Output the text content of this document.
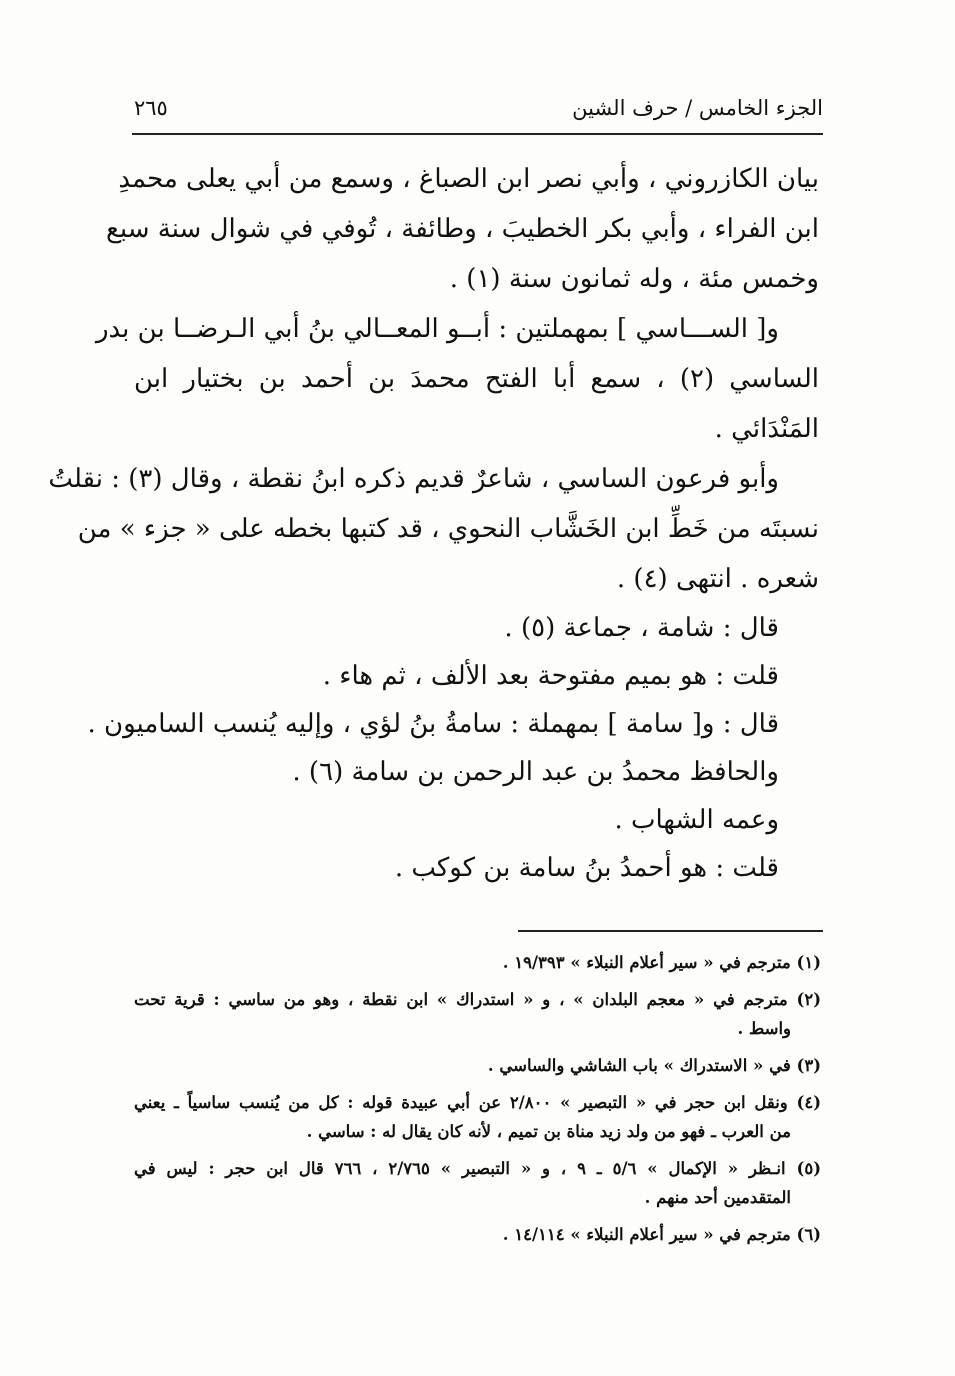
الجزء الخامس / حرف الشين
٢٦٥
بيان الكازروني ، وأبي نصر ابن الصباغ ، وسمع من أبي يعلى محمدِ
ابن الفراء ، وأبي بكر الخطيبَ ، وطائفة ، تُوفي في شوال سنة سبع
وخمس مئة ، وله ثمانون سنة (١) .
و[ الســـاسي ] بمهملتين : أبــو المعــالي بنُ أبي الـرضــا بن بدر
الساسي (٢) ، سمع أبا الفتح محمدَ بن أحمد بن بختيار ابن
المَنْدَائي .
وأبو فرعون الساسي ، شاعرٌ قديم ذكره ابنُ نقطة ، وقال (٣) : نقلتُ
نسبتَه من خَطِّ ابن الخَشَّاب النحوي ، قد كتبها بخطه على « جزء » من
شعره . انتهى (٤) .
قال : شامة ، جماعة (٥) .
قلت : هو بميم مفتوحة بعد الألف ، ثم هاء .
قال : و[ سامة ] بمهملة : سامةُ بنُ لؤي ، وإليه يُنسب الساميون .
والحافظ محمدُ بن عبد الرحمن بن سامة (٦) .
وعمه الشهاب .
قلت : هو أحمدُ بنُ سامة بن كوكب .
(١) مترجم في « سير أعلام النبلاء » ١٩/٣٩٣ .
(٢) مترجم في « معجم البلدان » ، و « استدراك » ابن نقطة ، وهو من ساسي : قرية تحت
واسط .
(٣) في « الاستدراك » باب الشاشي والساسي .
(٤) ونقل ابن حجر في « التبصير » ٢/٨٠٠ عن أبي عبيدة قوله : كل من يُنسب ساسياً ـ يعني
من العرب ـ فهو من ولد زيد مناة بن تميم ، لأنه كان يقال له : ساسي .
(٥) انـظر « الإكمال » ٥/٦ ـ ٩ ، و « التبصير » ٢/٧٦٥ ، ٧٦٦ قال ابن حجر : ليس في
المتقدمين أحد منهم .
(٦) مترجم في « سير أعلام النبلاء » ١٤/١١٤ .
